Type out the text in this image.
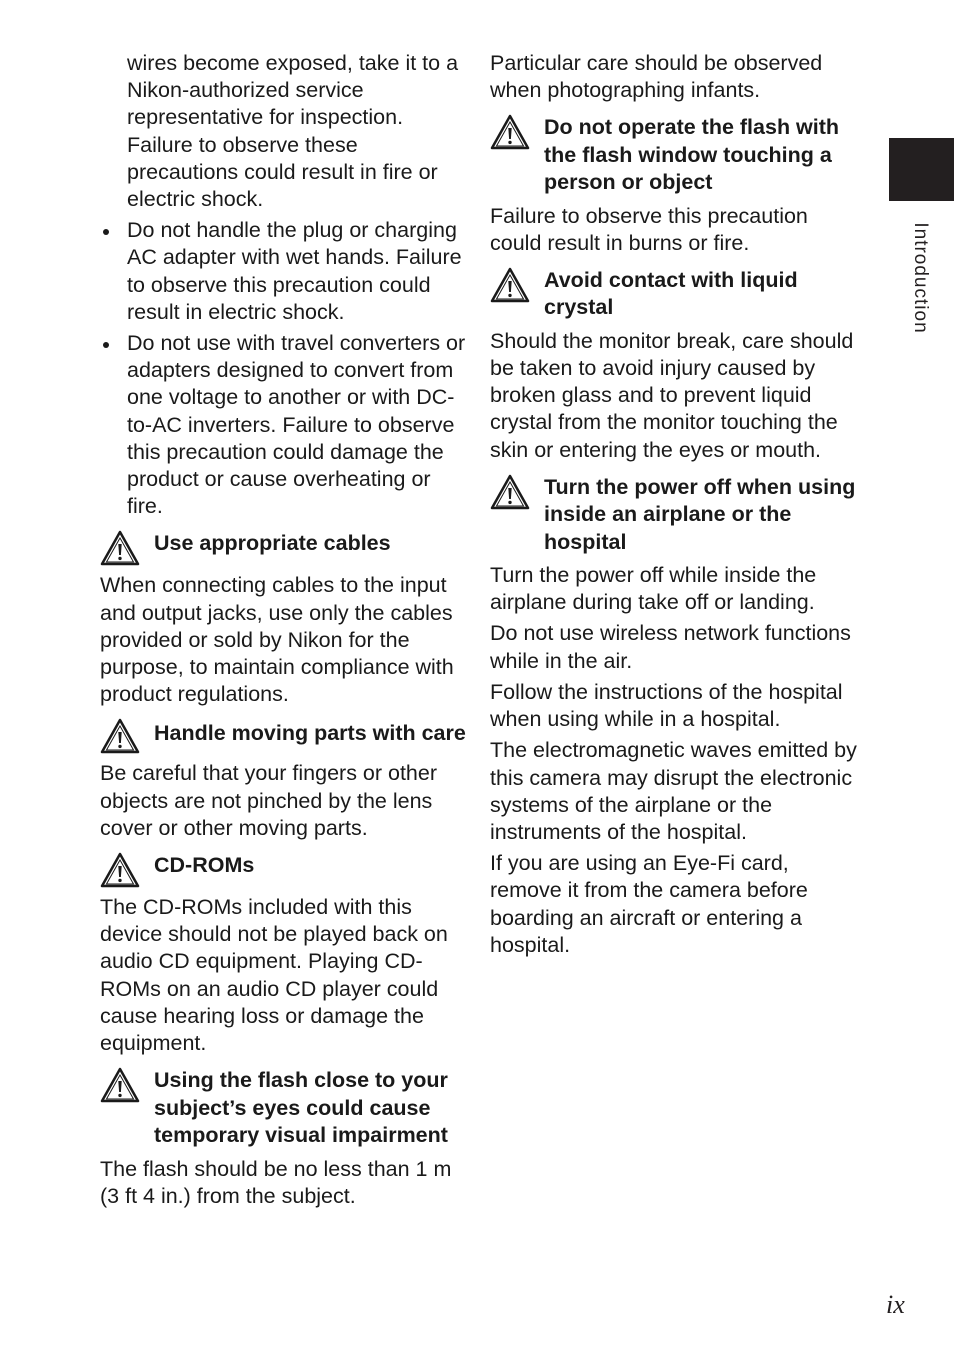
wires become exposed, take it to a Nikon-authorized service representative for inspection. Failure to observe these precautions could result in fire or electric shock.

Do not handle the plug or charging AC adapter with wet hands. Failure to observe this precaution could result in electric shock.

Do not use with travel converters or adapters designed to convert from one voltage to another or with DC-to-AC inverters. Failure to observe this precaution could damage the product or cause overheating or fire.

Use appropriate cables

When connecting cables to the input and output jacks, use only the cables provided or sold by Nikon for the purpose, to maintain compliance with product regulations.

Handle moving parts with care

Be careful that your fingers or other objects are not pinched by the lens cover or other moving parts.

CD-ROMs

The CD-ROMs included with this device should not be played back on audio CD equipment. Playing CD-ROMs on an audio CD player could cause hearing loss or damage the equipment.

Using the flash close to your subject’s eyes could cause temporary visual impairment

The flash should be no less than 1 m (3 ft 4 in.) from the subject.

Particular care should be observed when photographing infants.

Do not operate the flash with the flash window touching a person or object

Failure to observe this precaution could result in burns or fire.

Avoid contact with liquid crystal

Should the monitor break, care should be taken to avoid injury caused by broken glass and to prevent liquid crystal from the monitor touching the skin or entering the eyes or mouth.

Turn the power off when using inside an airplane or the hospital

Turn the power off while inside the airplane during take off or landing.

Do not use wireless network functions while in the air.

Follow the instructions of the hospital when using while in a hospital.

The electromagnetic waves emitted by this camera may disrupt the electronic systems of the airplane or the instruments of the hospital.

If you are using an Eye-Fi card, remove it from the camera before boarding an aircraft or entering a hospital.

Introduction
ix
